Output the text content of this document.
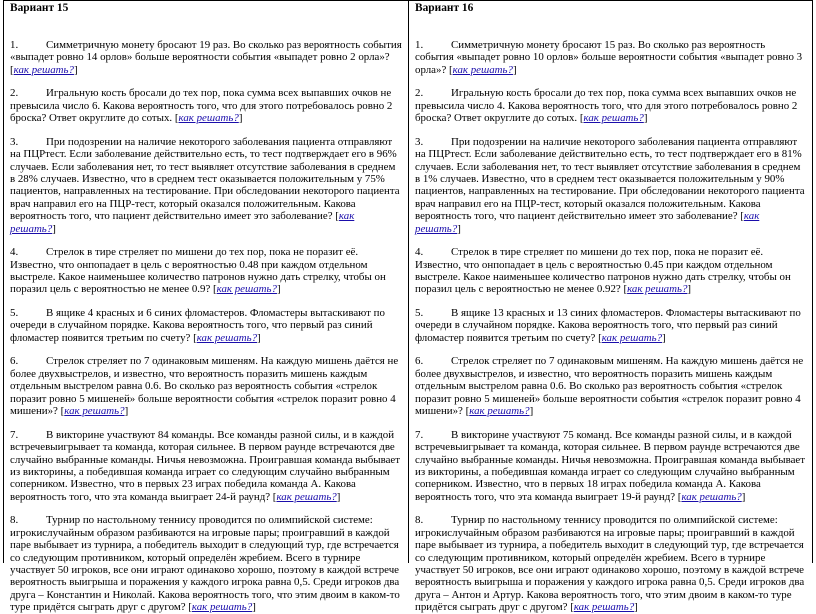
Вариант 15
1.	Симметричную монету бросают 19 раз. Во сколько раз вероятность события «выпадет ровно 14 орлов» больше вероятности события «выпадет ровно 2 орла»? [как решать?]
2.	Игральную кость бросали до тех пор, пока сумма всех выпавших очков не превысила число 6. Какова вероятность того, что для этого потребовалось ровно 2 броска? Ответ округлите до сотых. [как решать?]
3.	При подозрении на наличие некоторого заболевания пациента отправляют на ПЦРтест. Если заболевание действительно есть, то тест подтверждает его в 96% случаев. Если заболевания нет, то тест выявляет отсутствие заболевания в среднем в 28% случаев. Известно, что в среднем тест оказывается положительным у 75% пациентов, направленных на тестирование. При обследовании некоторого пациента врач направил его на ПЦР-тест, который оказался положительным. Какова вероятность того, что пациент действительно имеет это заболевание? [как решать?]
4.	Стрелок в тире стреляет по мишени до тех пор, пока не поразит её. Известно, что онпопадает в цель с вероятностью 0.48 при каждом отдельном выстреле. Какое наименьшее количество патронов нужно дать стрелку, чтобы он поразил цель с вероятностью не менее 0.9? [как решать?]
5.	В ящике 4 красных и 6 синих фломастеров. Фломастеры вытаскивают по очереди в случайном порядке. Какова вероятность того, что первый раз синий фломастер появится третьим по счету? [как решать?]
6.	Стрелок стреляет по 7 одинаковым мишеням. На каждую мишень даётся не более двухвыстрелов, и известно, что вероятность поразить мишень каждым отдельным выстрелом равна 0.6. Во сколько раз вероятность события «стрелок поразит ровно 5 мишеней» больше вероятности события «стрелок поразит ровно 4 мишени»? [как решать?]
7.	В викторине участвуют 84 команды. Все команды разной силы, и в каждой встречевыигрывает та команда, которая сильнее. В первом раунде встречаются две случайно выбранные команды. Ничья невозможна. Проигравшая команда выбывает из викторины, а победившая команда играет со следующим случайно выбранным соперником. Известно, что в первых 23 играх победила команда А. Какова вероятность того, что эта команда выиграет 24-й раунд? [как решать?]
8.	Турнир по настольному теннису проводится по олимпийской системе: игрокислучайным образом разбиваются на игровые пары; проигравший в каждой паре выбывает из турнира, а победитель выходит в следующий тур, где встречается со следующим противником, который определён жребием. Всего в турнире участвует 50 игроков, все они играют одинаково хорошо, поэтому в каждой встрече вероятность выигрыша и поражения у каждого игрока равна 0,5. Среди игроков два друга – Константин и Николай. Какова вероятность того, что этим двоим в каком-то туре придётся сыграть друг с другом? [как решать?]
Вариант 16
1.	Симметричную монету бросают 15 раз. Во сколько раз вероятность события «выпадет ровно 10 орлов» больше вероятности события «выпадет ровно 3 орла»? [как решать?]
2.	Игральную кость бросали до тех пор, пока сумма всех выпавших очков не превысила число 4. Какова вероятность того, что для этого потребовалось ровно 2 броска? Ответ округлите до сотых. [как решать?]
3.	При подозрении на наличие некоторого заболевания пациента отправляют на ПЦРтест. Если заболевание действительно есть, то тест подтверждает его в 81% случаев. Если заболевания нет, то тест выявляет отсутствие заболевания в среднем в 1% случаев. Известно, что в среднем тест оказывается положительным у 90% пациентов, направленных на тестирование. При обследовании некоторого пациента врач направил его на ПЦР-тест, который оказался положительным. Какова вероятность того, что пациент действительно имеет это заболевание? [как решать?]
4.	Стрелок в тире стреляет по мишени до тех пор, пока не поразит её. Известно, что онпопадает в цель с вероятностью 0.45 при каждом отдельном выстреле. Какое наименьшее количество патронов нужно дать стрелку, чтобы он поразил цель с вероятностью не менее 0.92? [как решать?]
5.	В ящике 13 красных и 13 синих фломастеров. Фломастеры вытаскивают по очереди в случайном порядке. Какова вероятность того, что первый раз синий фломастер появится третьим по счету? [как решать?]
6.	Стрелок стреляет по 7 одинаковым мишеням. На каждую мишень даётся не более двухвыстрелов, и известно, что вероятность поразить мишень каждым отдельным выстрелом равна 0.6. Во сколько раз вероятность события «стрелок поразит ровно 5 мишеней» больше вероятности события «стрелок поразит ровно 4 мишени»? [как решать?]
7.	В викторине участвуют 75 команд. Все команды разной силы, и в каждой встречевыигрывает та команда, которая сильнее. В первом раунде встречаются две случайно выбранные команды. Ничья невозможна. Проигравшая команда выбывает из викторины, а победившая команда играет со следующим случайно выбранным соперником. Известно, что в первых 18 играх победила команда А. Какова вероятность того, что эта команда выиграет 19-й раунд? [как решать?]
8.	Турнир по настольному теннису проводится по олимпийской системе: игрокислучайным образом разбиваются на игровые пары; проигравший в каждой паре выбывает из турнира, а победитель выходит в следующий тур, где встречается со следующим противником, который определён жребием. Всего в турнире участвует 50 игроков, все они играют одинаково хорошо, поэтому в каждой встрече вероятность выигрыша и поражения у каждого игрока равна 0,5. Среди игроков два друга – Антон и Артур. Какова вероятность того, что этим двоим в каком-то туре придётся сыграть друг с другом? [как решать?]
